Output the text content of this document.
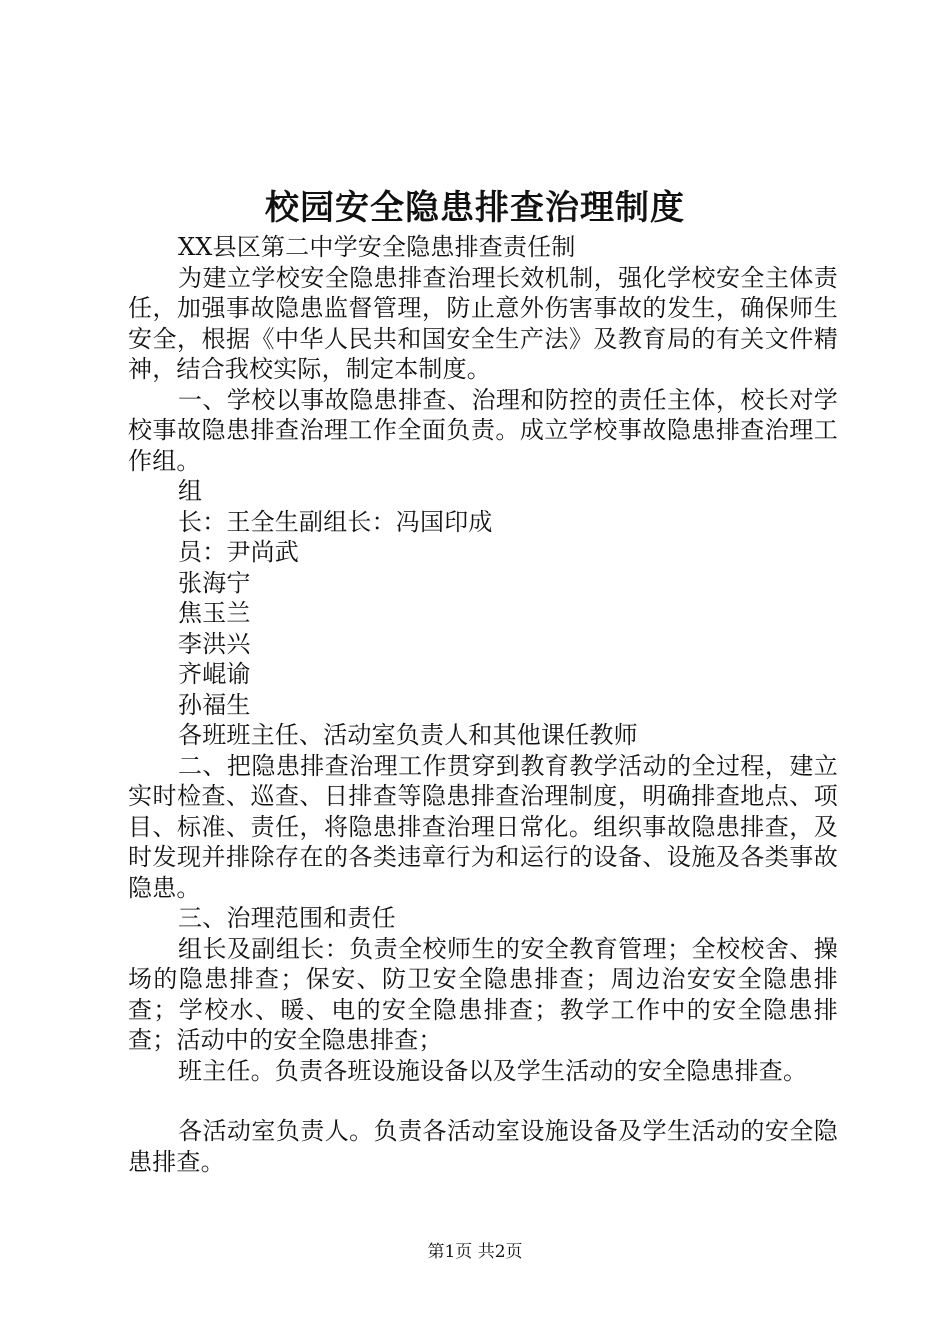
校园安全隐患排查治理制度

XX县区第二中学安全隐患排查责任制

为建立学校安全隐患排查治理长效机制，强化学校安全主体责任，加强事故隐患监督管理，防止意外伤害事故的发生，确保师生安全，根据《中华人民共和国安全生产法》及教育局的有关文件精神，结合我校实际，制定本制度。

一、学校以事故隐患排查、治理和防控的责任主体，校长对学校事故隐患排查治理工作全面负责。成立学校事故隐患排查治理工作组。

组

长：王全生副组长：冯国印成

员：尹尚武

张海宁

焦玉兰

李洪兴

齐崐谕

孙福生

各班班主任、活动室负责人和其他课任教师

二、把隐患排查治理工作贯穿到教育教学活动的全过程，建立实时检查、巡查、日排查等隐患排查治理制度，明确排查地点、项目、标准、责任，将隐患排查治理日常化。组织事故隐患排查，及时发现并排除存在的各类违章行为和运行的设备、设施及各类事故隐患。

三、治理范围和责任

组长及副组长：负责全校师生的安全教育管理；全校校舍、操场的隐患排查；保安、防卫安全隐患排查；周边治安安全隐患排查；学校水、暖、电的安全隐患排查；教学工作中的安全隐患排查；活动中的安全隐患排查；

班主任。负责各班设施设备以及学生活动的安全隐患排查。

各活动室负责人。负责各活动室设施设备及学生活动的安全隐患排查。

第1页 共2页
